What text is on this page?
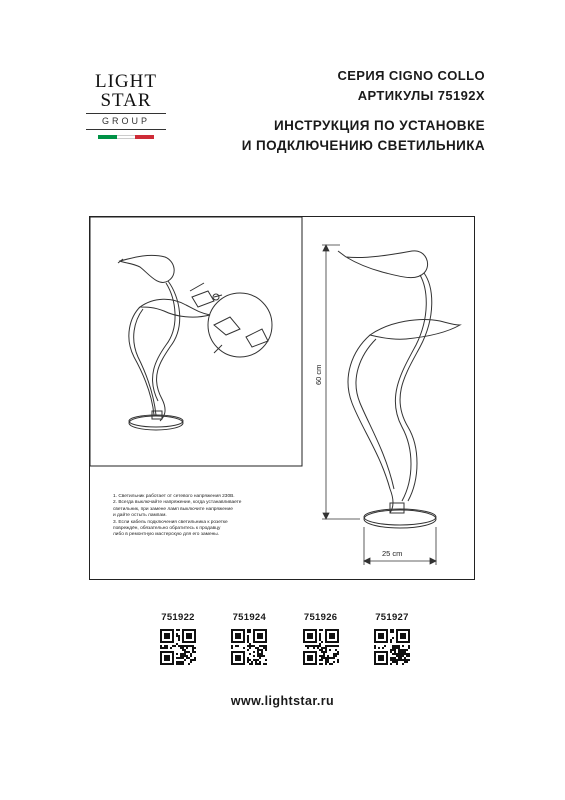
LIGHT
STAR
GROUP
СЕРИЯ CIGNO COLLO
АРТИКУЛЫ 75192X
ИНСТРУКЦИЯ ПО УСТАНОВКЕ
И ПОДКЛЮЧЕНИЮ СВЕТИЛЬНИКА
60 cm
25 cm

1. Светильник работает от сетевого напряжения 230В.

2. Всегда выключайте напряжение, когда устанавливаете

светильник, при замене ламп выключите напряжение

и дайте остыть лампам.

3. Если кабель подключения светильника к розетке

повреждён, обязательно обратитесь к продавцу

либо в ремонтную мастерскую для его замены.

751922	751924	751926	751927
www.lightstar.ru
